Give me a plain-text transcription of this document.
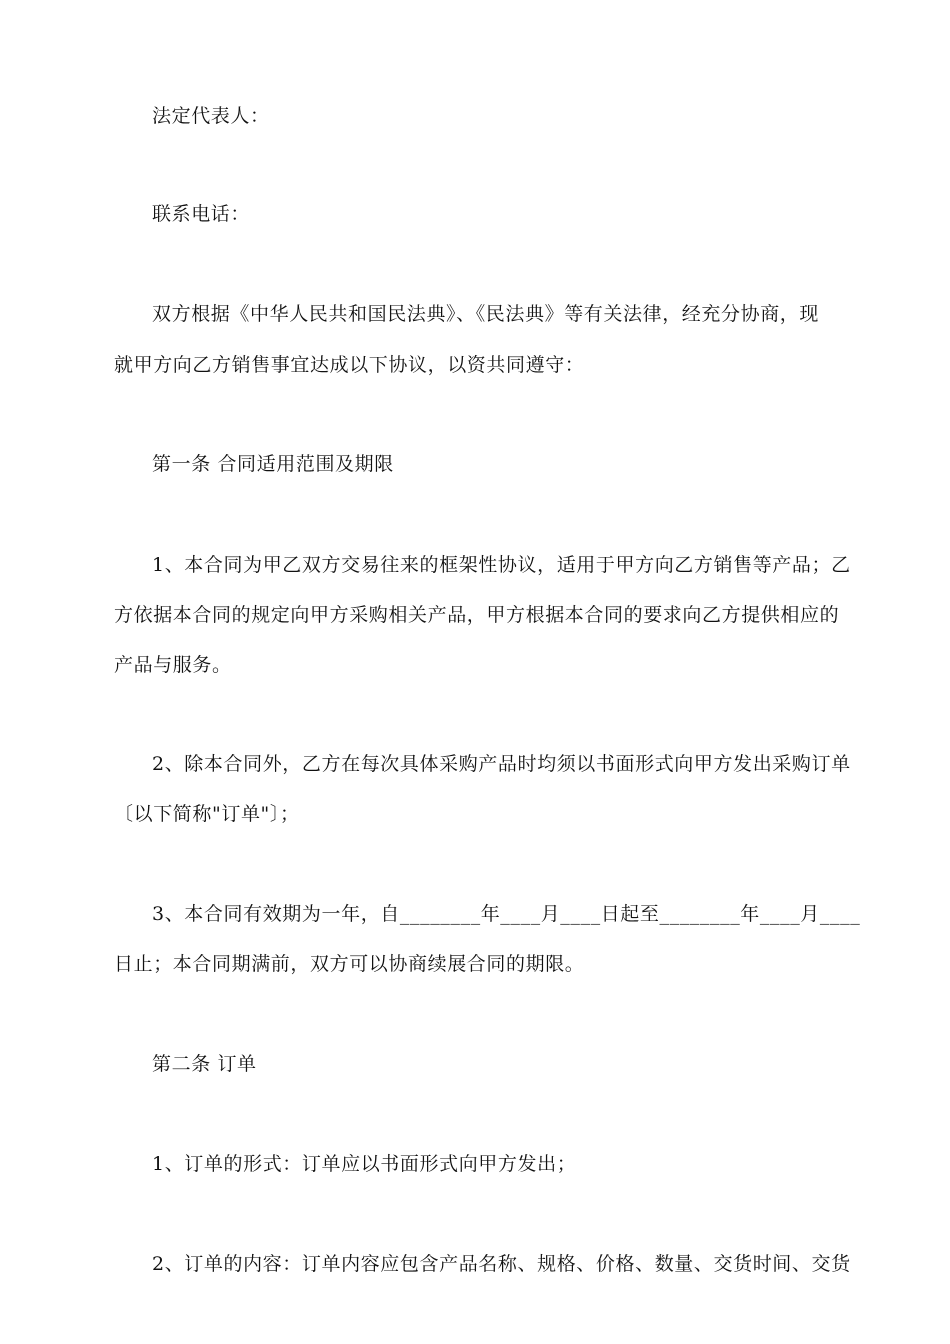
法定代表人：
联系电话：
双方根据《中华人民共和国民法典》、《民法典》等有关法律，经充分协商，现
就甲方向乙方销售事宜达成以下协议，以资共同遵守：
第一条 合同适用范围及期限
1、本合同为甲乙双方交易往来的框架性协议，适用于甲方向乙方销售等产品；乙
方依据本合同的规定向甲方采购相关产品，甲方根据本合同的要求向乙方提供相应的
产品与服务。
2、除本合同外，乙方在每次具体采购产品时均须以书面形式向甲方发出采购订单
〔以下简称"订单"〕；
3、本合同有效期为一年，自________年____月____日起至________年____月____
日止；本合同期满前，双方可以协商续展合同的期限。
第二条 订单
1、订单的形式：订单应以书面形式向甲方发出；
2、订单的内容：订单内容应包含产品名称、规格、价格、数量、交货时间、交货
